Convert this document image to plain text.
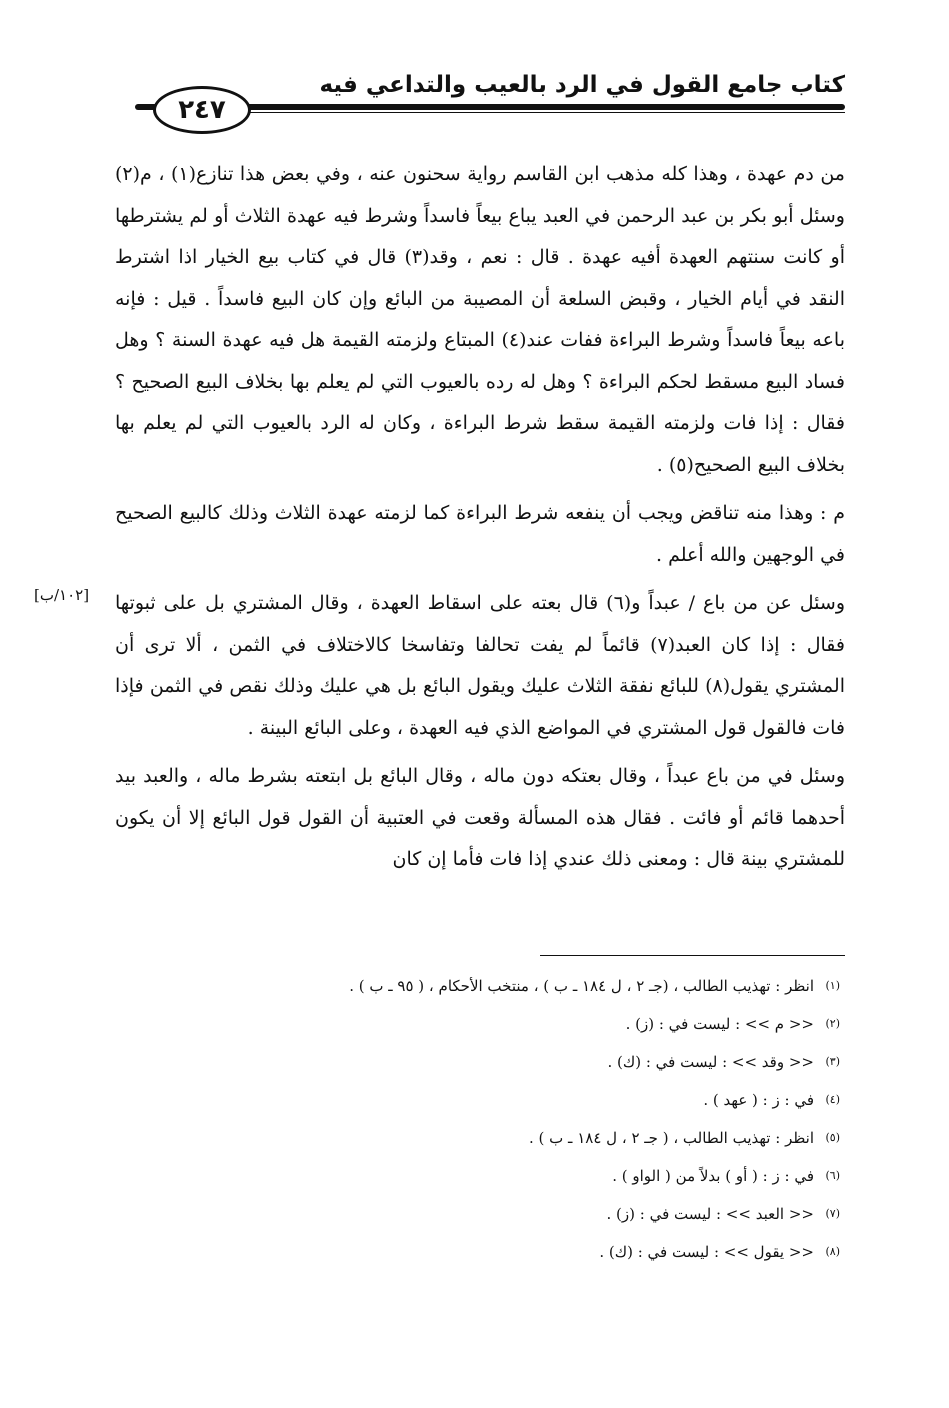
كتاب جامع القول في الرد بالعيب والتداعي فيه
٢٤٧

من دم عهدة ، وهذا كله مذهب ابن القاسم رواية سحنون عنه ، وفي بعض هذا تنازع(١) ، م(٢) وسئل أبو بكر بن عبد الرحمن في العبد يباع بيعاً فاسداً وشرط فيه عهدة الثلاث أو لم يشترطها أو كانت سنتهم العهدة أفيه عهدة . قال : نعم ، وقد(٣) قال في كتاب بيع الخيار اذا اشترط النقد في أيام الخيار ، وقبض السلعة أن المصيبة من البائع وإن كان البيع فاسداً . قيل : فإنه باعه بيعاً فاسداً وشرط البراءة ففات عند(٤) المبتاع ولزمته القيمة هل فيه عهدة السنة ؟ وهل فساد البيع مسقط لحكم البراءة ؟ وهل له رده بالعيوب التي لم يعلم بها بخلاف البيع الصحيح ؟ فقال : إذا فات ولزمته القيمة سقط شرط البراءة ، وكان له الرد بالعيوب التي لم يعلم بها بخلاف البيع الصحيح(٥) .

م : وهذا منه تناقض ويجب أن ينفعه شرط البراءة كما لزمته عهدة الثلاث وذلك كالبيع الصحيح في الوجهين والله أعلم .

وسئل عن من باع / عبداً و(٦) قال بعته على اسقاط العهدة ، وقال المشتري بل على ثبوتها فقال : إذا كان العبد(٧) قائماً لم يفت تحالفا وتفاسخا كالاختلاف في الثمن ، ألا ترى أن المشتري يقول(٨) للبائع نفقة الثلاث عليك ويقول البائع بل هي عليك وذلك نقص في الثمن فإذا فات فالقول قول المشتري في المواضع الذي فيه العهدة ، وعلى البائع البينة .

وسئل في من باع عبداً ، وقال بعتكه دون ماله ، وقال البائع بل ابتعته بشرط ماله ، والعبد بيد أحدهما قائم أو فائت . فقال هذه المسألة وقعت في العتبية أن القول قول البائع إلا أن يكون للمشتري بينة قال : ومعنى ذلك عندي إذا فات فأما إن كان

[١٠٢/ب]
(١)
انظر : تهذيب الطالب ، (جـ ٢ ، ل ١٨٤ ـ ب ) ، منتخب الأحكام ، ( ٩٥ ـ ب ) .
(٢)
<< م >> : ليست في : (ز) .
(٣)
<< وقد >> : ليست في : (ك) .
(٤)
في : ز : ( عهد ) .
(٥)
انظر : تهذيب الطالب ، ( جـ ٢ ، ل ١٨٤ ـ ب ) .
(٦)
في : ز : ( أو ) بدلاً من ( الواو ) .
(٧)
<< العبد >> : ليست في : (ز) .
(٨)
<< يقول >> : ليست في : (ك) .
